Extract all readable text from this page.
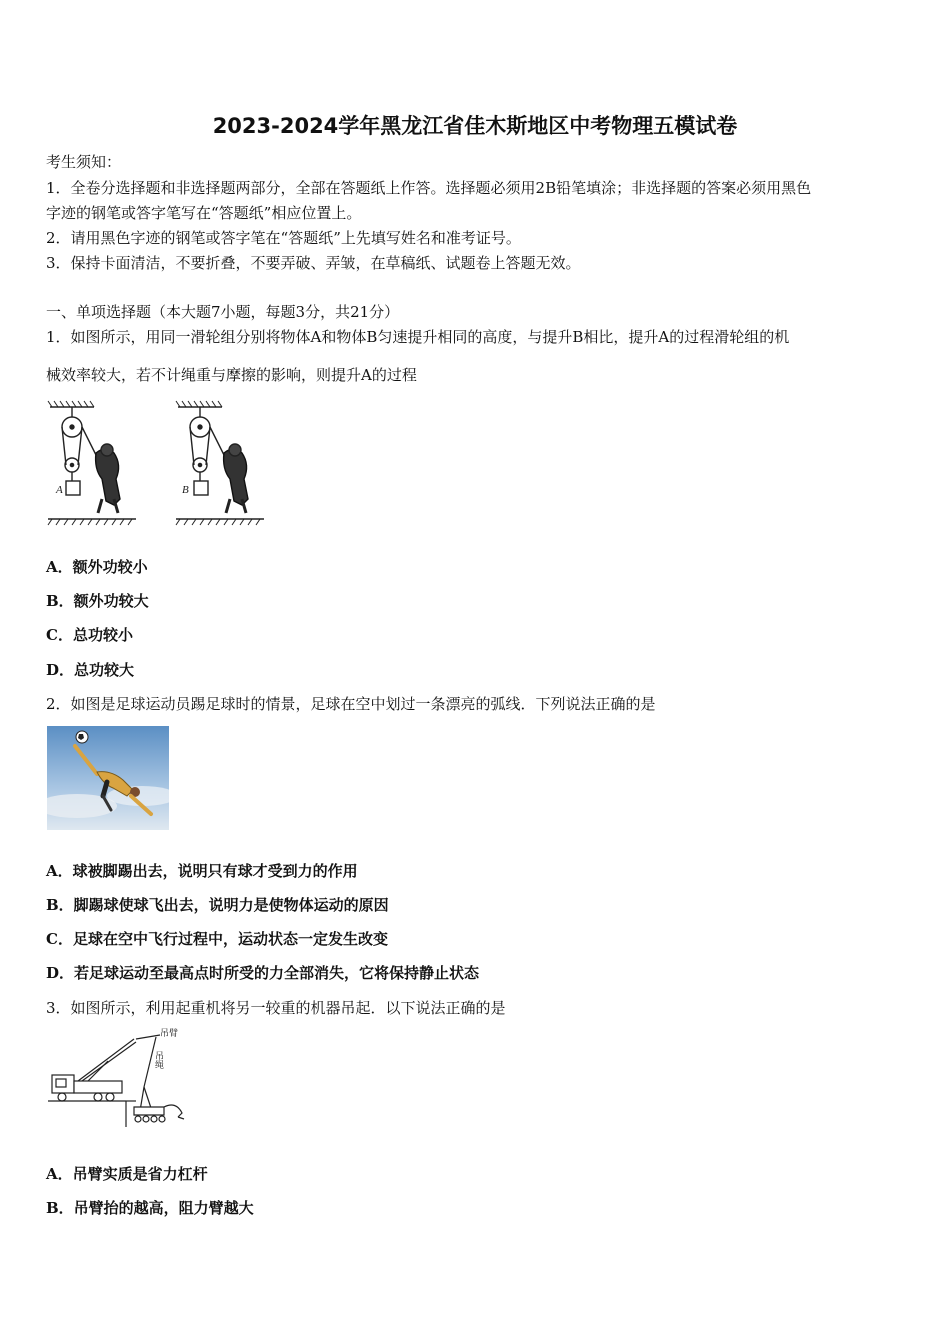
2023-2024学年黑龙江省佳木斯地区中考物理五模试卷
考生须知：
1．全卷分选择题和非选择题两部分，全部在答题纸上作答。选择题必须用2B铅笔填涂；非选择题的答案必须用黑色
字迹的钢笔或答字笔写在“答题纸”相应位置上。
2．请用黑色字迹的钢笔或答字笔在“答题纸”上先填写姓名和准考证号。
3．保持卡面清洁，不要折叠，不要弄破、弄皱，在草稿纸、试题卷上答题无效。
一、单项选择题（本大题7小题，每题3分，共21分）
1．如图所示，用同一滑轮组分别将物体A和物体B匀速提升相同的高度，与提升B相比，提升A的过程滑轮组的机
械效率较大，若不计绳重与摩擦的影响，则提升A的过程
A	B
A．额外功较小
B．额外功较大
C．总功较小
D．总功较大
2．如图是足球运动员踢足球时的情景，足球在空中划过一条漂亮的弧线．下列说法正确的是
A．球被脚踢出去，说明只有球才受到力的作用
B．脚踢球使球飞出去，说明力是使物体运动的原因
C．足球在空中飞行过程中，运动状态一定发生改变
D．若足球运动至最高点时所受的力全部消失，它将保持静止状态
3．如图所示，利用起重机将另一较重的机器吊起．以下说法正确的是
吊臂
吊绳
A．吊臂实质是省力杠杆
B．吊臂抬的越高，阻力臂越大
